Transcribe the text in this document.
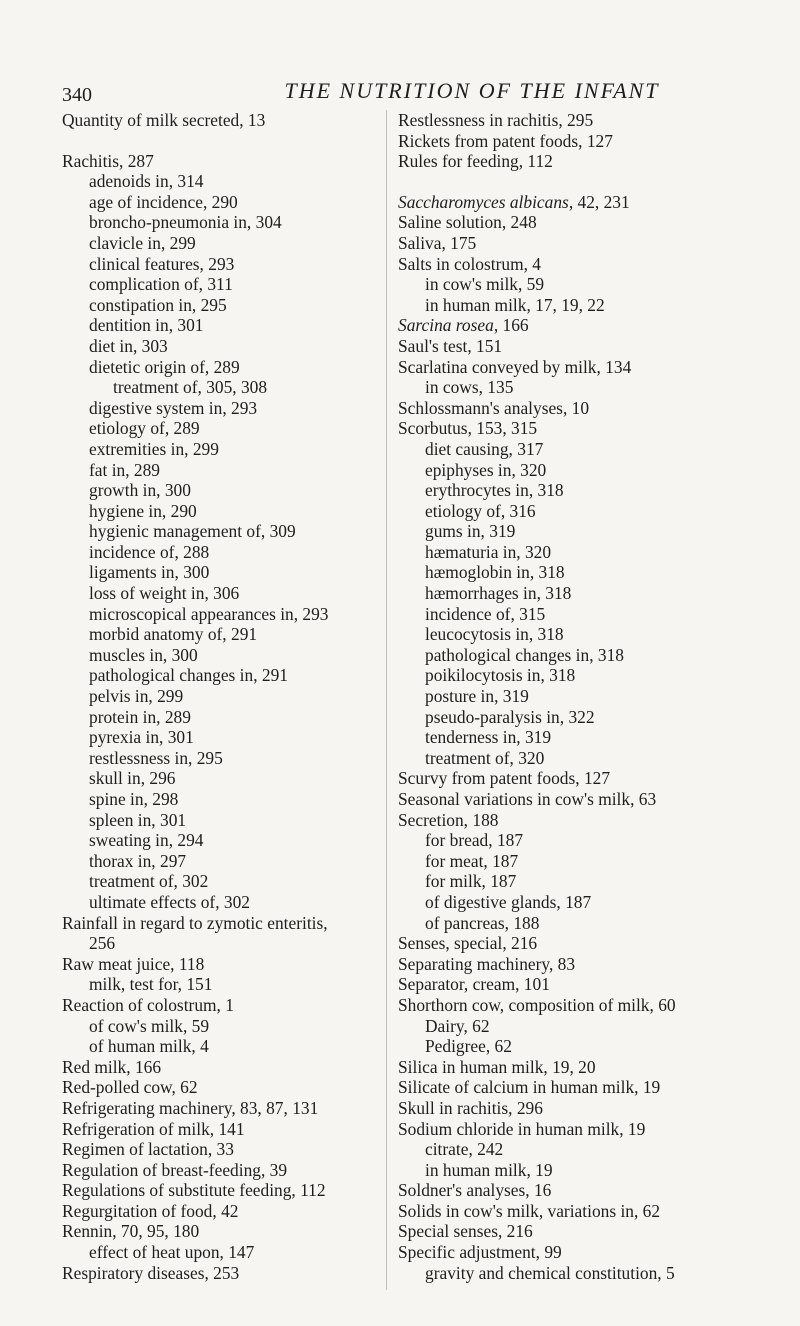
340	THE NUTRITION OF THE INFANT
Quantity of milk secreted, 13
Rachitis, 287
adenoids in, 314
age of incidence, 290
broncho-pneumonia in, 304
clavicle in, 299
clinical features, 293
complication of, 311
constipation in, 295
dentition in, 301
diet in, 303
dietetic origin of, 289
treatment of, 305, 308
digestive system in, 293
etiology of, 289
extremities in, 299
fat in, 289
growth in, 300
hygiene in, 290
hygienic management of, 309
incidence of, 288
ligaments in, 300
loss of weight in, 306
microscopical appearances in, 293
morbid anatomy of, 291
muscles in, 300
pathological changes in, 291
pelvis in, 299
protein in, 289
pyrexia in, 301
restlessness in, 295
skull in, 296
spine in, 298
spleen in, 301
sweating in, 294
thorax in, 297
treatment of, 302
ultimate effects of, 302
Rainfall in regard to zymotic enteritis,
256
Raw meat juice, 118
milk, test for, 151
Reaction of colostrum, 1
of cow's milk, 59
of human milk, 4
Red milk, 166
Red-polled cow, 62
Refrigerating machinery, 83, 87, 131
Refrigeration of milk, 141
Regimen of lactation, 33
Regulation of breast-feeding, 39
Regulations of substitute feeding, 112
Regurgitation of food, 42
Rennin, 70, 95, 180
effect of heat upon, 147
Respiratory diseases, 253
Restlessness in rachitis, 295
Rickets from patent foods, 127
Rules for feeding, 112
Saccharomyces albicans, 42, 231
Saline solution, 248
Saliva, 175
Salts in colostrum, 4
in cow's milk, 59
in human milk, 17, 19, 22
Sarcina rosea, 166
Saul's test, 151
Scarlatina conveyed by milk, 134
in cows, 135
Schlossmann's analyses, 10
Scorbutus, 153, 315
diet causing, 317
epiphyses in, 320
erythrocytes in, 318
etiology of, 316
gums in, 319
hæmaturia in, 320
hæmoglobin in, 318
hæmorrhages in, 318
incidence of, 315
leucocytosis in, 318
pathological changes in, 318
poikilocytosis in, 318
posture in, 319
pseudo-paralysis in, 322
tenderness in, 319
treatment of, 320
Scurvy from patent foods, 127
Seasonal variations in cow's milk, 63
Secretion, 188
for bread, 187
for meat, 187
for milk, 187
of digestive glands, 187
of pancreas, 188
Senses, special, 216
Separating machinery, 83
Separator, cream, 101
Shorthorn cow, composition of milk, 60
Dairy, 62
Pedigree, 62
Silica in human milk, 19, 20
Silicate of calcium in human milk, 19
Skull in rachitis, 296
Sodium chloride in human milk, 19
citrate, 242
in human milk, 19
Soldner's analyses, 16
Solids in cow's milk, variations in, 62
Special senses, 216
Specific adjustment, 99
gravity and chemical constitution, 5
